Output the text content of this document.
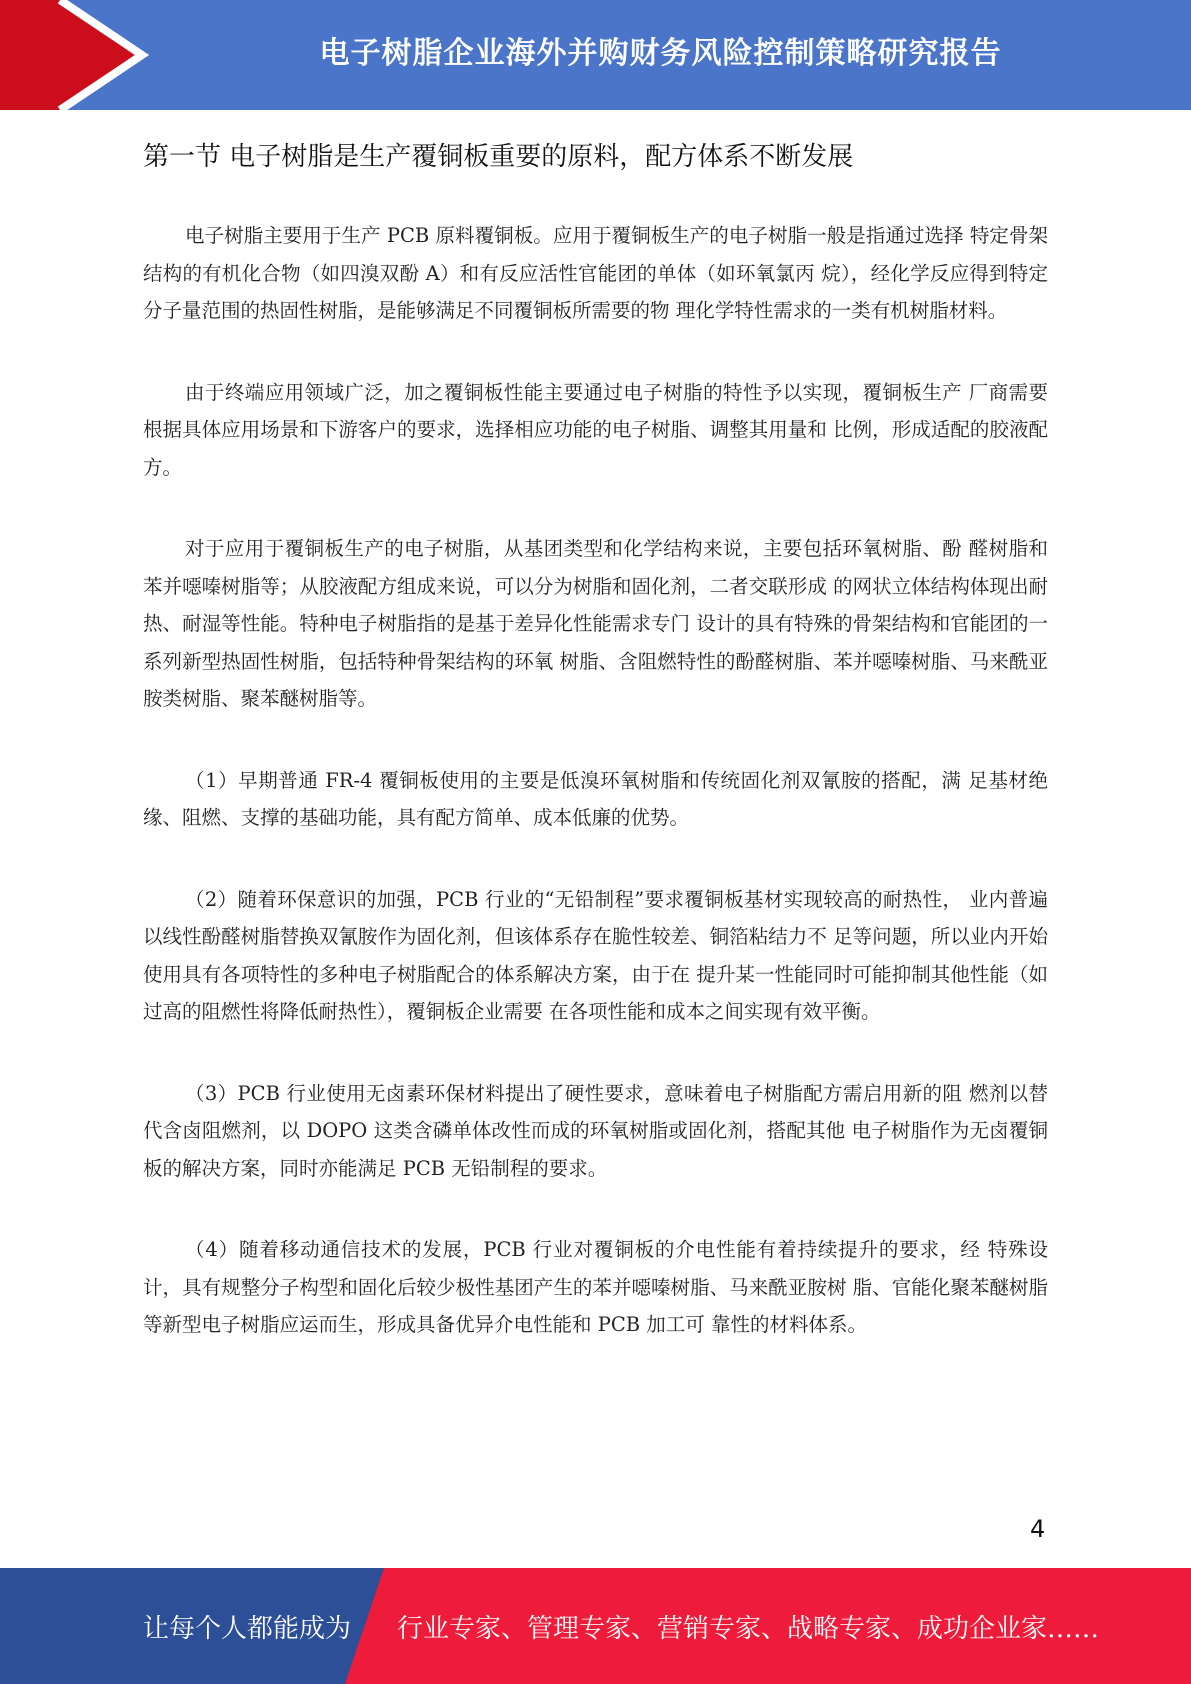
电子树脂企业海外并购财务风险控制策略研究报告
第一节 电子树脂是生产覆铜板重要的原料，配方体系不断发展

电子树脂主要用于生产 PCB 原料覆铜板。应用于覆铜板生产的电子树脂一般是指通过选择 特定骨架结构的有机化合物（如四溴双酚 A）和有反应活性官能团的单体（如环氧氯丙 烷），经化学反应得到特定分子量范围的热固性树脂，是能够满足不同覆铜板所需要的物 理化学特性需求的一类有机树脂材料。

由于终端应用领域广泛，加之覆铜板性能主要通过电子树脂的特性予以实现，覆铜板生产 厂商需要根据具体应用场景和下游客户的要求，选择相应功能的电子树脂、调整其用量和 比例，形成适配的胶液配方。

对于应用于覆铜板生产的电子树脂，从基团类型和化学结构来说，主要包括环氧树脂、酚 醛树脂和苯并噁嗪树脂等；从胶液配方组成来说，可以分为树脂和固化剂，二者交联形成 的网状立体结构体现出耐热、耐湿等性能。特种电子树脂指的是基于差异化性能需求专门 设计的具有特殊的骨架结构和官能团的一系列新型热固性树脂，包括特种骨架结构的环氧 树脂、含阻燃特性的酚醛树脂、苯并噁嗪树脂、马来酰亚胺类树脂、聚苯醚树脂等。

（1）早期普通 FR-4 覆铜板使用的主要是低溴环氧树脂和传统固化剂双氰胺的搭配，满 足基材绝缘、阻燃、支撑的基础功能，具有配方简单、成本低廉的优势。

（2）随着环保意识的加强，PCB 行业的“无铅制程”要求覆铜板基材实现较高的耐热性， 业内普遍以线性酚醛树脂替换双氰胺作为固化剂，但该体系存在脆性较差、铜箔粘结力不 足等问题，所以业内开始使用具有各项特性的多种电子树脂配合的体系解决方案，由于在 提升某一性能同时可能抑制其他性能（如过高的阻燃性将降低耐热性），覆铜板企业需要 在各项性能和成本之间实现有效平衡。

（3）PCB 行业使用无卤素环保材料提出了硬性要求，意味着电子树脂配方需启用新的阻 燃剂以替代含卤阻燃剂，以 DOPO 这类含磷单体改性而成的环氧树脂或固化剂，搭配其他 电子树脂作为无卤覆铜板的解决方案，同时亦能满足 PCB 无铅制程的要求。

（4）随着移动通信技术的发展，PCB 行业对覆铜板的介电性能有着持续提升的要求，经 特殊设计，具有规整分子构型和固化后较少极性基团产生的苯并噁嗪树脂、马来酰亚胺树 脂、官能化聚苯醚树脂等新型电子树脂应运而生，形成具备优异介电性能和 PCB 加工可 靠性的材料体系。

4
让每个人都能成为 行业专家、管理专家、营销专家、战略专家、成功企业家……
